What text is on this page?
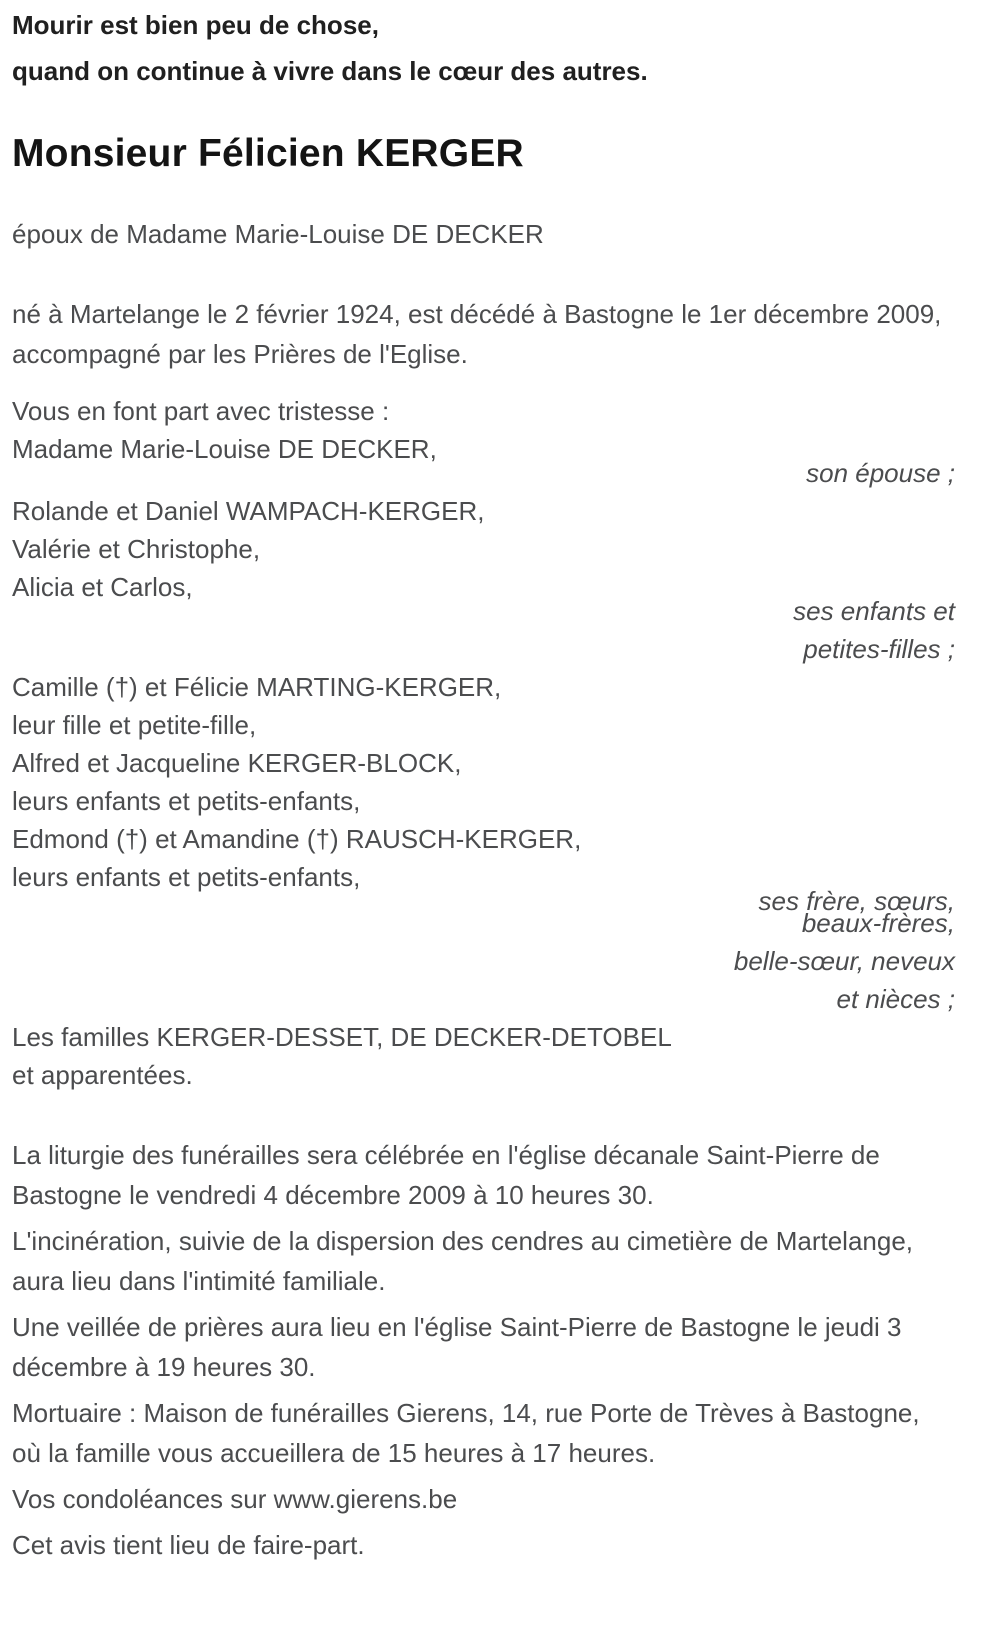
Mourir est bien peu de chose,

quand on continue à vivre dans le cœur des autres.

Monsieur Félicien KERGER

époux de Madame Marie-Louise DE DECKER

né à Martelange le 2 février 1924, est décédé à Bastogne le 1er décembre 2009, accompagné par les Prières de l'Eglise.

Vous en font part avec tristesse :

Madame Marie-Louise DE DECKER,

son épouse ;

Rolande et Daniel WAMPACH-KERGER,

Valérie et Christophe,

Alicia et Carlos,

ses enfants et

petites-filles ;

Camille (†) et Félicie MARTING-KERGER,

leur fille et petite-fille,

Alfred et Jacqueline KERGER-BLOCK,

leurs enfants et petits-enfants,

Edmond (†) et Amandine (†) RAUSCH-KERGER,

leurs enfants et petits-enfants,

ses frère, sœurs,

beaux-frères,

belle-sœur, neveux

et nièces ;

Les familles KERGER-DESSET, DE DECKER-DETOBEL

et apparentées.

La liturgie des funérailles sera célébrée en l'église décanale Saint-Pierre de Bastogne le vendredi 4 décembre 2009 à 10 heures 30.

L'incinération, suivie de la dispersion des cendres au cimetière de Martelange, aura lieu dans l'intimité familiale.

Une veillée de prières aura lieu en l'église Saint-Pierre de Bastogne le jeudi 3 décembre à 19 heures 30.

Mortuaire : Maison de funérailles Gierens, 14, rue Porte de Trèves à Bastogne, où la famille vous accueillera de 15 heures à 17 heures.

Vos condoléances sur www.gierens.be

Cet avis tient lieu de faire-part.
